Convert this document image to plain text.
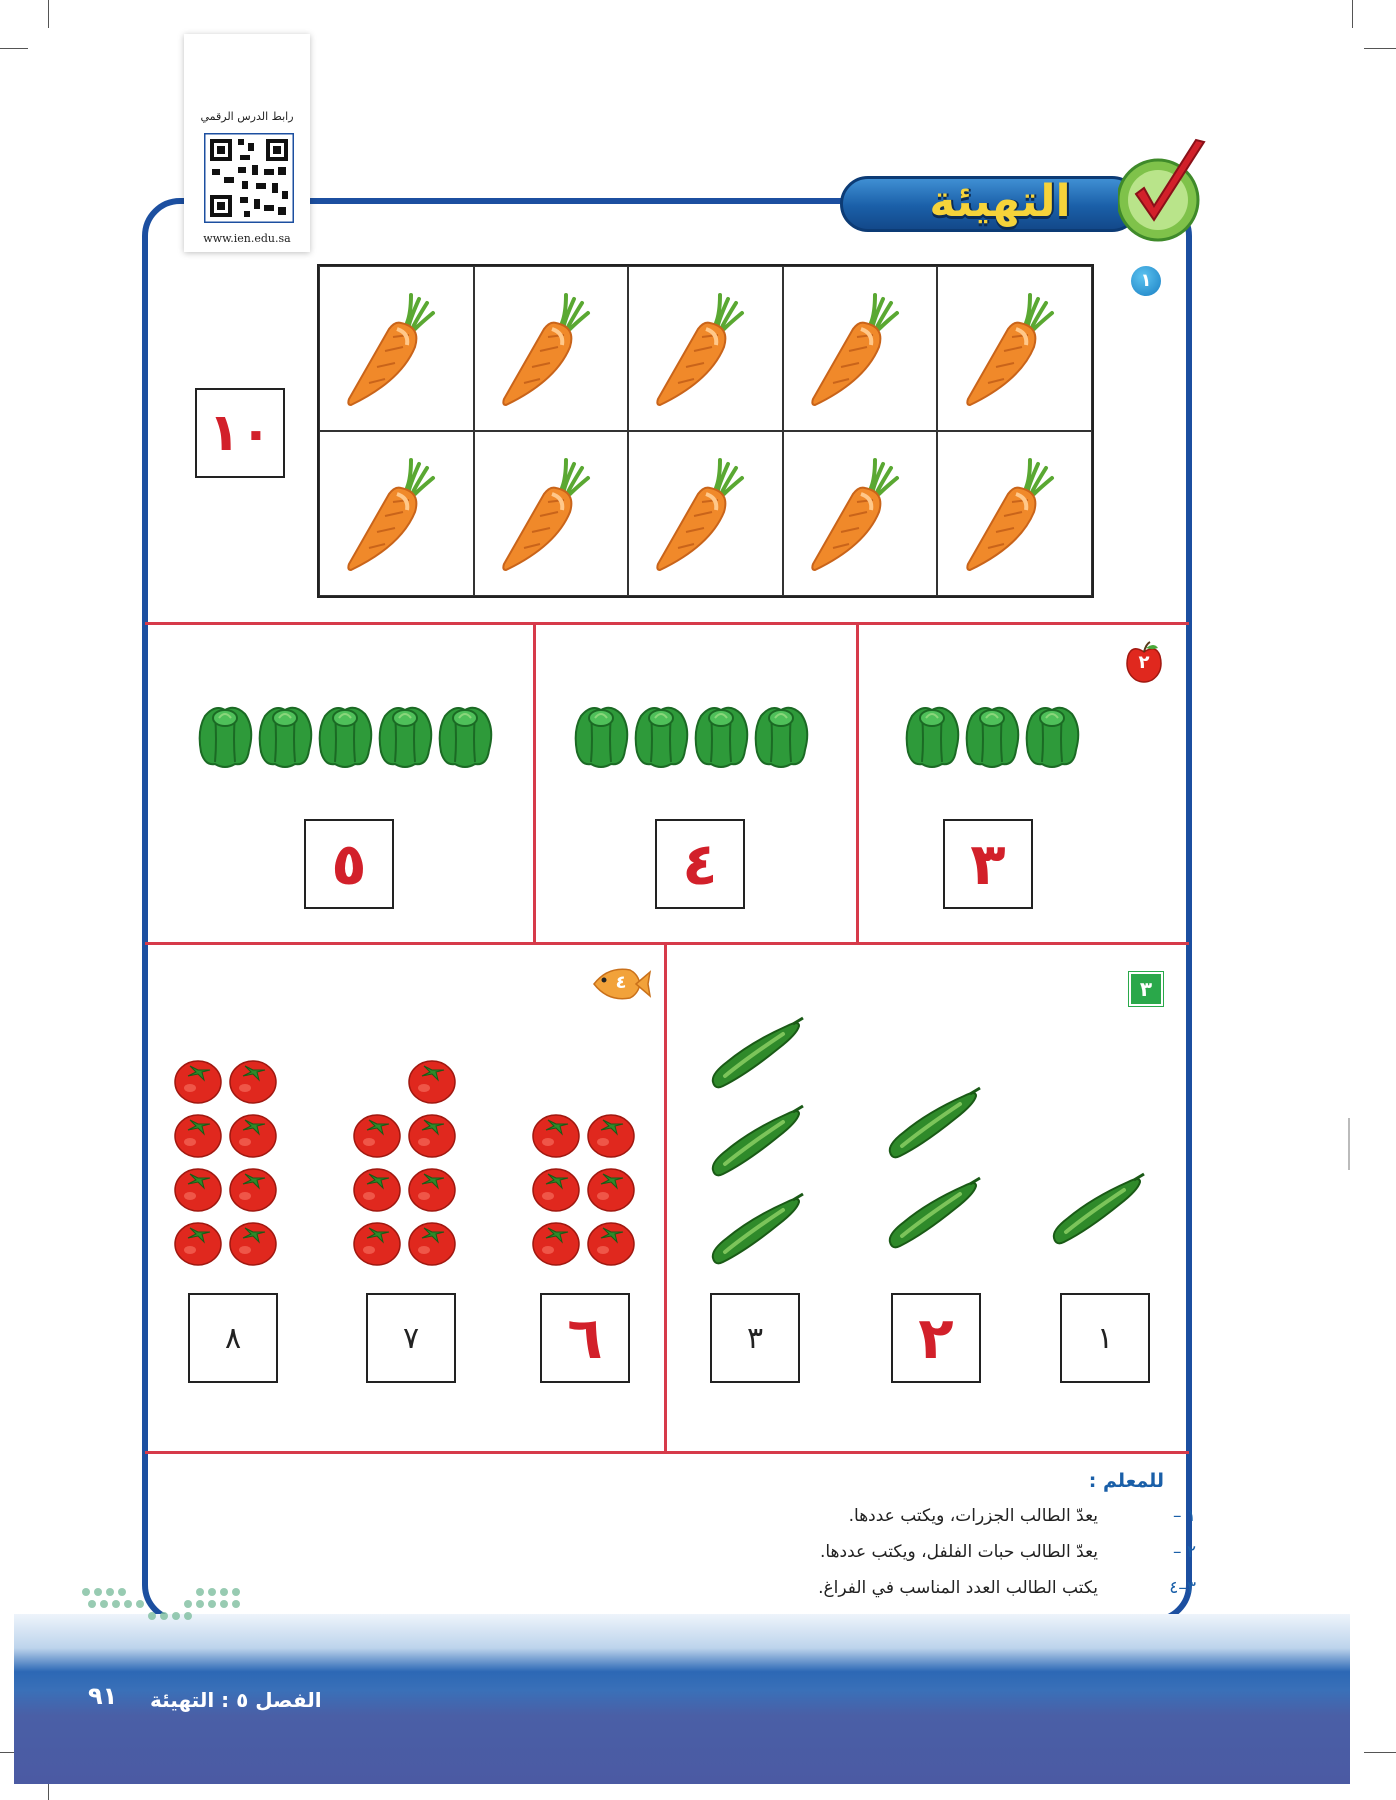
التهيئة
رابط الدرس الرقمي
www.ien.edu.sa
١
١٠
٢
٣
٤
٥
٣
١
٢
٣
٤
٦
٧
٨
للمعلم :
١ –
يعدّ الطالب الجزرات، ويكتب عددها.
٢ –
يعدّ الطالب حبات الفلفل، ويكتب عددها.
٣–٤
يكتب الطالب العدد المناسب في الفراغ.
الفصل ٥ : التهيئة
٩١
